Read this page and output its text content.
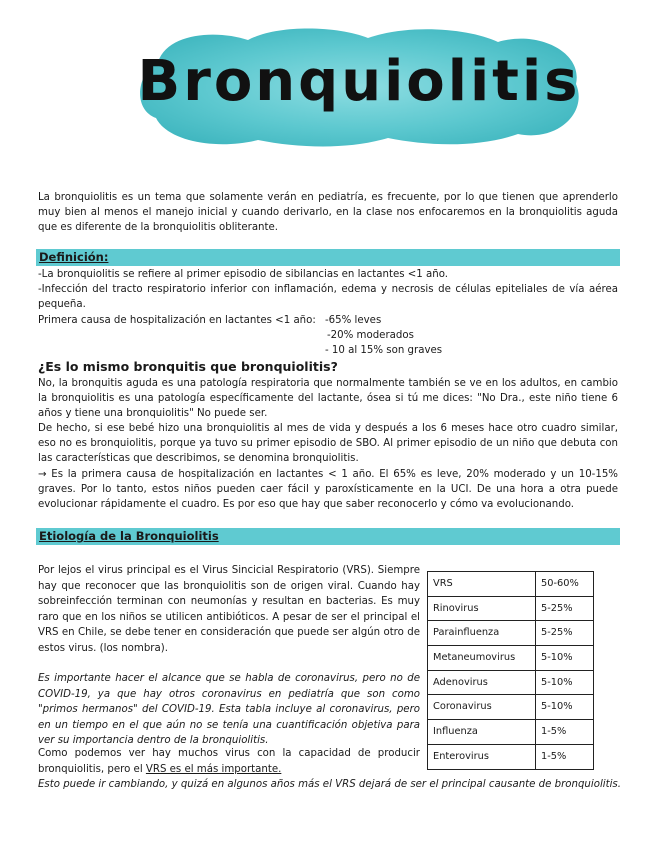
Bronquiolitis
La bronquiolitis es un tema que solamente verán en pediatría, es frecuente, por lo que tienen que aprenderlo muy bien al menos el manejo inicial y cuando derivarlo, en la clase nos enfocaremos en la bronquiolitis aguda que es diferente de la bronquiolitis obliterante.
Definición:
-La bronquiolitis se refiere al primer episodio de sibilancias en lactantes <1 año.
-Infección del tracto respiratorio inferior con inflamación, edema y necrosis de células epiteliales de vía aérea pequeña.
Primera causa de hospitalización en lactantes <1 año: -65% leves
-20% moderados
- 10 al 15% son graves
¿Es lo mismo bronquitis que bronquiolitis?
No, la bronquitis aguda es una patología respiratoria que normalmente también se ve en los adultos, en cambio la bronquiolitis es una patología específicamente del lactante, ósea si tú me dices: "No Dra., este niño tiene 6 años y tiene una bronquiolitis" No puede ser.
De hecho, si ese bebé hizo una bronquiolitis al mes de vida y después a los 6 meses hace otro cuadro similar, eso no es bronquiolitis, porque ya tuvo su primer episodio de SBO. Al primer episodio de un niño que debuta con las características que describimos, se denomina bronquiolitis.
→ Es la primera causa de hospitalización en lactantes < 1 año. El 65% es leve, 20% moderado y un 10-15% graves. Por lo tanto, estos niños pueden caer fácil y paroxísticamente en la UCI. De una hora a otra puede evolucionar rápidamente el cuadro. Es por eso que hay que saber reconocerlo y cómo va evolucionando.
Etiología de la Bronquiolitis
Por lejos el virus principal es el Virus Sincicial Respiratorio (VRS). Siempre hay que reconocer que las bronquiolitis son de origen viral. Cuando hay sobreinfección terminan con neumonías y resultan en bacterias. Es muy raro que en los niños se utilicen antibióticos. A pesar de ser el principal el VRS en Chile, se debe tener en consideración que puede ser algún otro de estos virus. (los nombra).
Es importante hacer el alcance que se habla de coronavirus, pero no de COVID-19, ya que hay otros coronavirus en pediatría que son como "primos hermanos" del COVID-19. Esta tabla incluye al coronavirus, pero en un tiempo en el que aún no se tenía una cuantificación objetiva para ver su importancia dentro de la bronquiolitis.
Como podemos ver hay muchos virus con la capacidad de producir bronquiolitis, pero el VRS es el más importante.
Esto puede ir cambiando, y quizá en algunos años más el VRS dejará de ser el principal causante de bronquiolitis.
VRS	50-60%
Rinovirus	5-25%
Parainfluenza	5-25%
Metaneumovirus	5-10%
Adenovirus	5-10%
Coronavirus	5-10%
Influenza	1-5%
Enterovirus	1-5%
